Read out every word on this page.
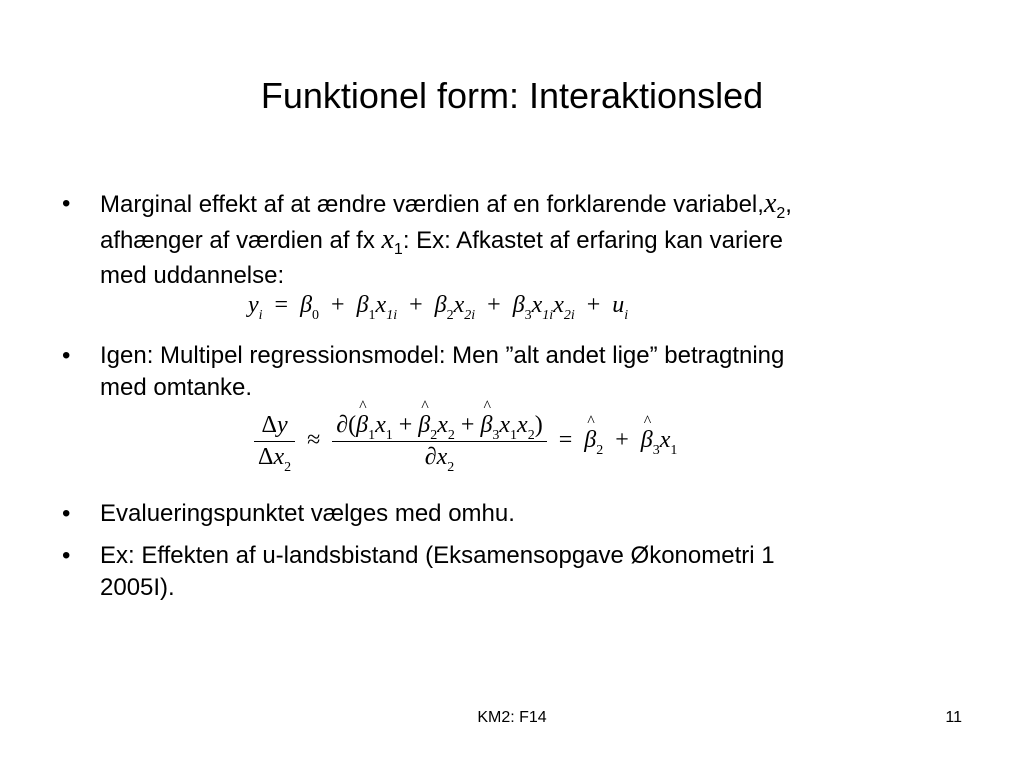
Funktionel form: Interaktionsled
• Marginal effekt af at ændre værdien af en forklarende $variabel,x_2$,
afhænger af værdien af fx $x_1$: Ex: Afkastet af erfaring kan variere
med uddannelse:
$y_i = \beta_0 + \beta_1x_{1i} + \beta_2x_{2i} + \beta_3x_{1i}x_{2i} + u_i$
• Igen: Multipel regressionsmodel: Men ”alt andet lige” betragtning
med omtanke.
$\frac{\Delta y}{\Delta x_2} \approx \frac{\partial(\^{} \beta_1x_1 + \^{} \beta_2x_2 + \^{} \beta_3x_1x_2)}{\partial x_2}$ = ^ $\beta_2$ + ^ $\beta_3x_1$
• Evalueringspunktet vælges med omhu.
• Ex: Effekten af u-landsbistand (Eksamensopgave Økonometri 1
2005I).
KM2: F14	11
